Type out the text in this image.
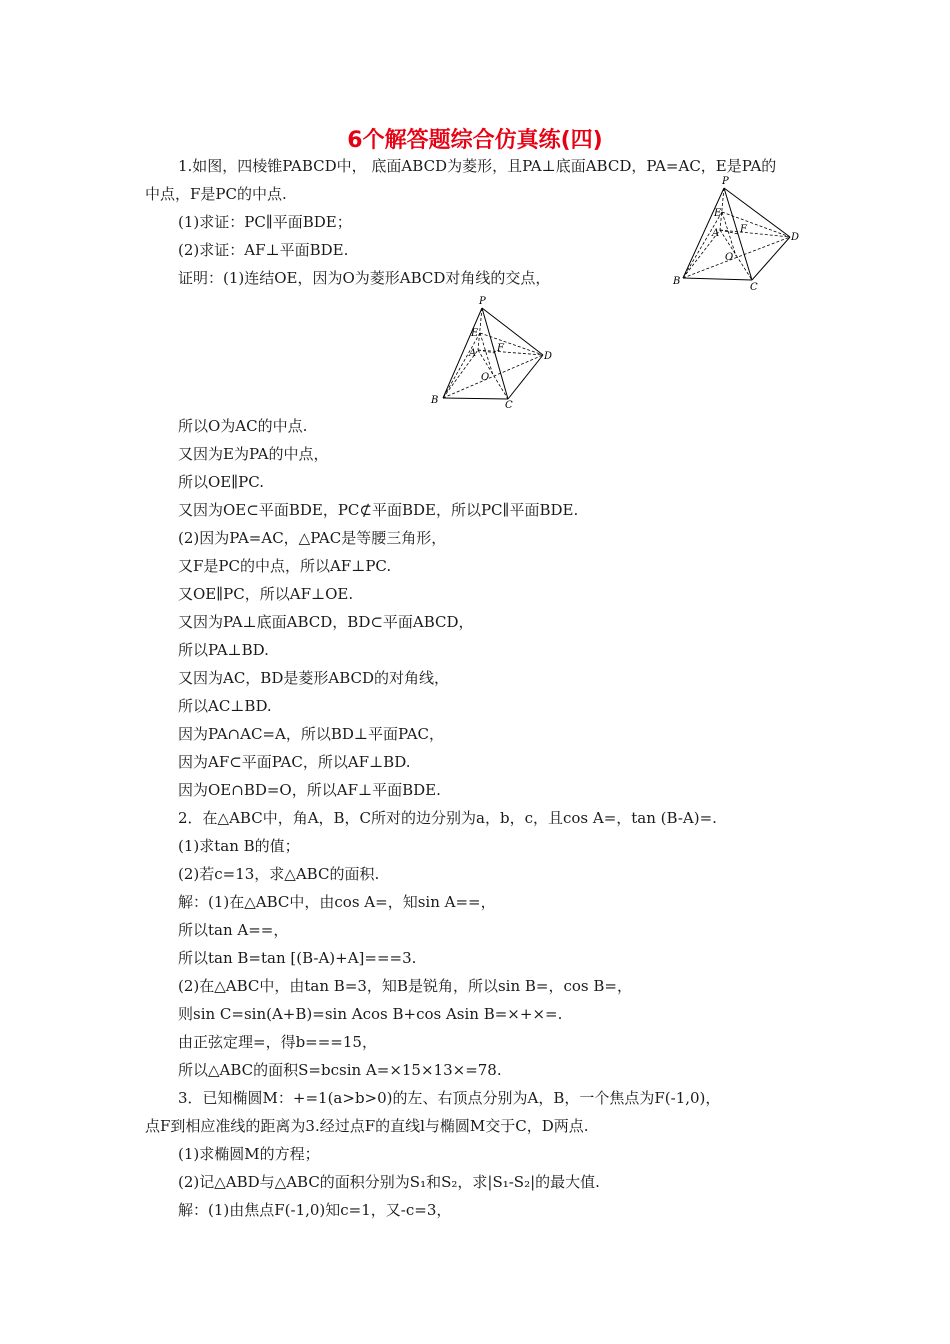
6个解答题综合仿真练(四)
1.如图，四棱锥PABCD中， 底面ABCD为菱形，且PA⊥底面ABCD，PA=AC，E是PA的
中点，F是PC的中点.
(1)求证：PC∥平面BDE；
(2)求证：AF⊥平面BDE.
证明：(1)连结OE，因为O为菱形ABCD对角线的交点，
所以O为AC的中点.
又因为E为PA的中点，
所以OE∥PC.
又因为OE⊂平面BDE，PC⊄平面BDE，所以PC∥平面BDE.
(2)因为PA=AC，△PAC是等腰三角形，
又F是PC的中点，所以AF⊥PC.
又OE∥PC，所以AF⊥OE.
又因为PA⊥底面ABCD，BD⊂平面ABCD，
所以PA⊥BD.
又因为AC，BD是菱形ABCD的对角线，
所以AC⊥BD.
因为PA∩AC=A，所以BD⊥平面PAC，
因为AF⊂平面PAC，所以AF⊥BD.
因为OE∩BD=O，所以AF⊥平面BDE.
2．在△ABC中，角A，B，C所对的边分别为a，b，c，且cos A=，tan (B-A)=.
(1)求tan B的值；
(2)若c=13，求△ABC的面积.
解：(1)在△ABC中，由cos A=，知sin A==，
所以tan A==，
所以tan B=tan [(B-A)+A]===3.
(2)在△ABC中，由tan B=3，知B是锐角，所以sin B=，cos B=，
则sin C=sin(A+B)=sin Acos B+cos Asin B=×+×=.
由正弦定理=，得b===15，
所以△ABC的面积S=bcsin A=×15×13×=78.
3．已知椭圆M：+=1(a>b>0)的左、右顶点分别为A，B，一个焦点为F(-1,0)，
点F到相应准线的距离为3.经过点F的直线l与椭圆M交于C，D两点.
(1)求椭圆M的方程；
(2)记△ABD与△ABC的面积分别为S₁和S₂，求|S₁-S₂|的最大值.
解：(1)由焦点F(-1,0)知c=1，又-c=3，
P
E
A F
O
B
C
D
P
E
A F
O
B	C
D
